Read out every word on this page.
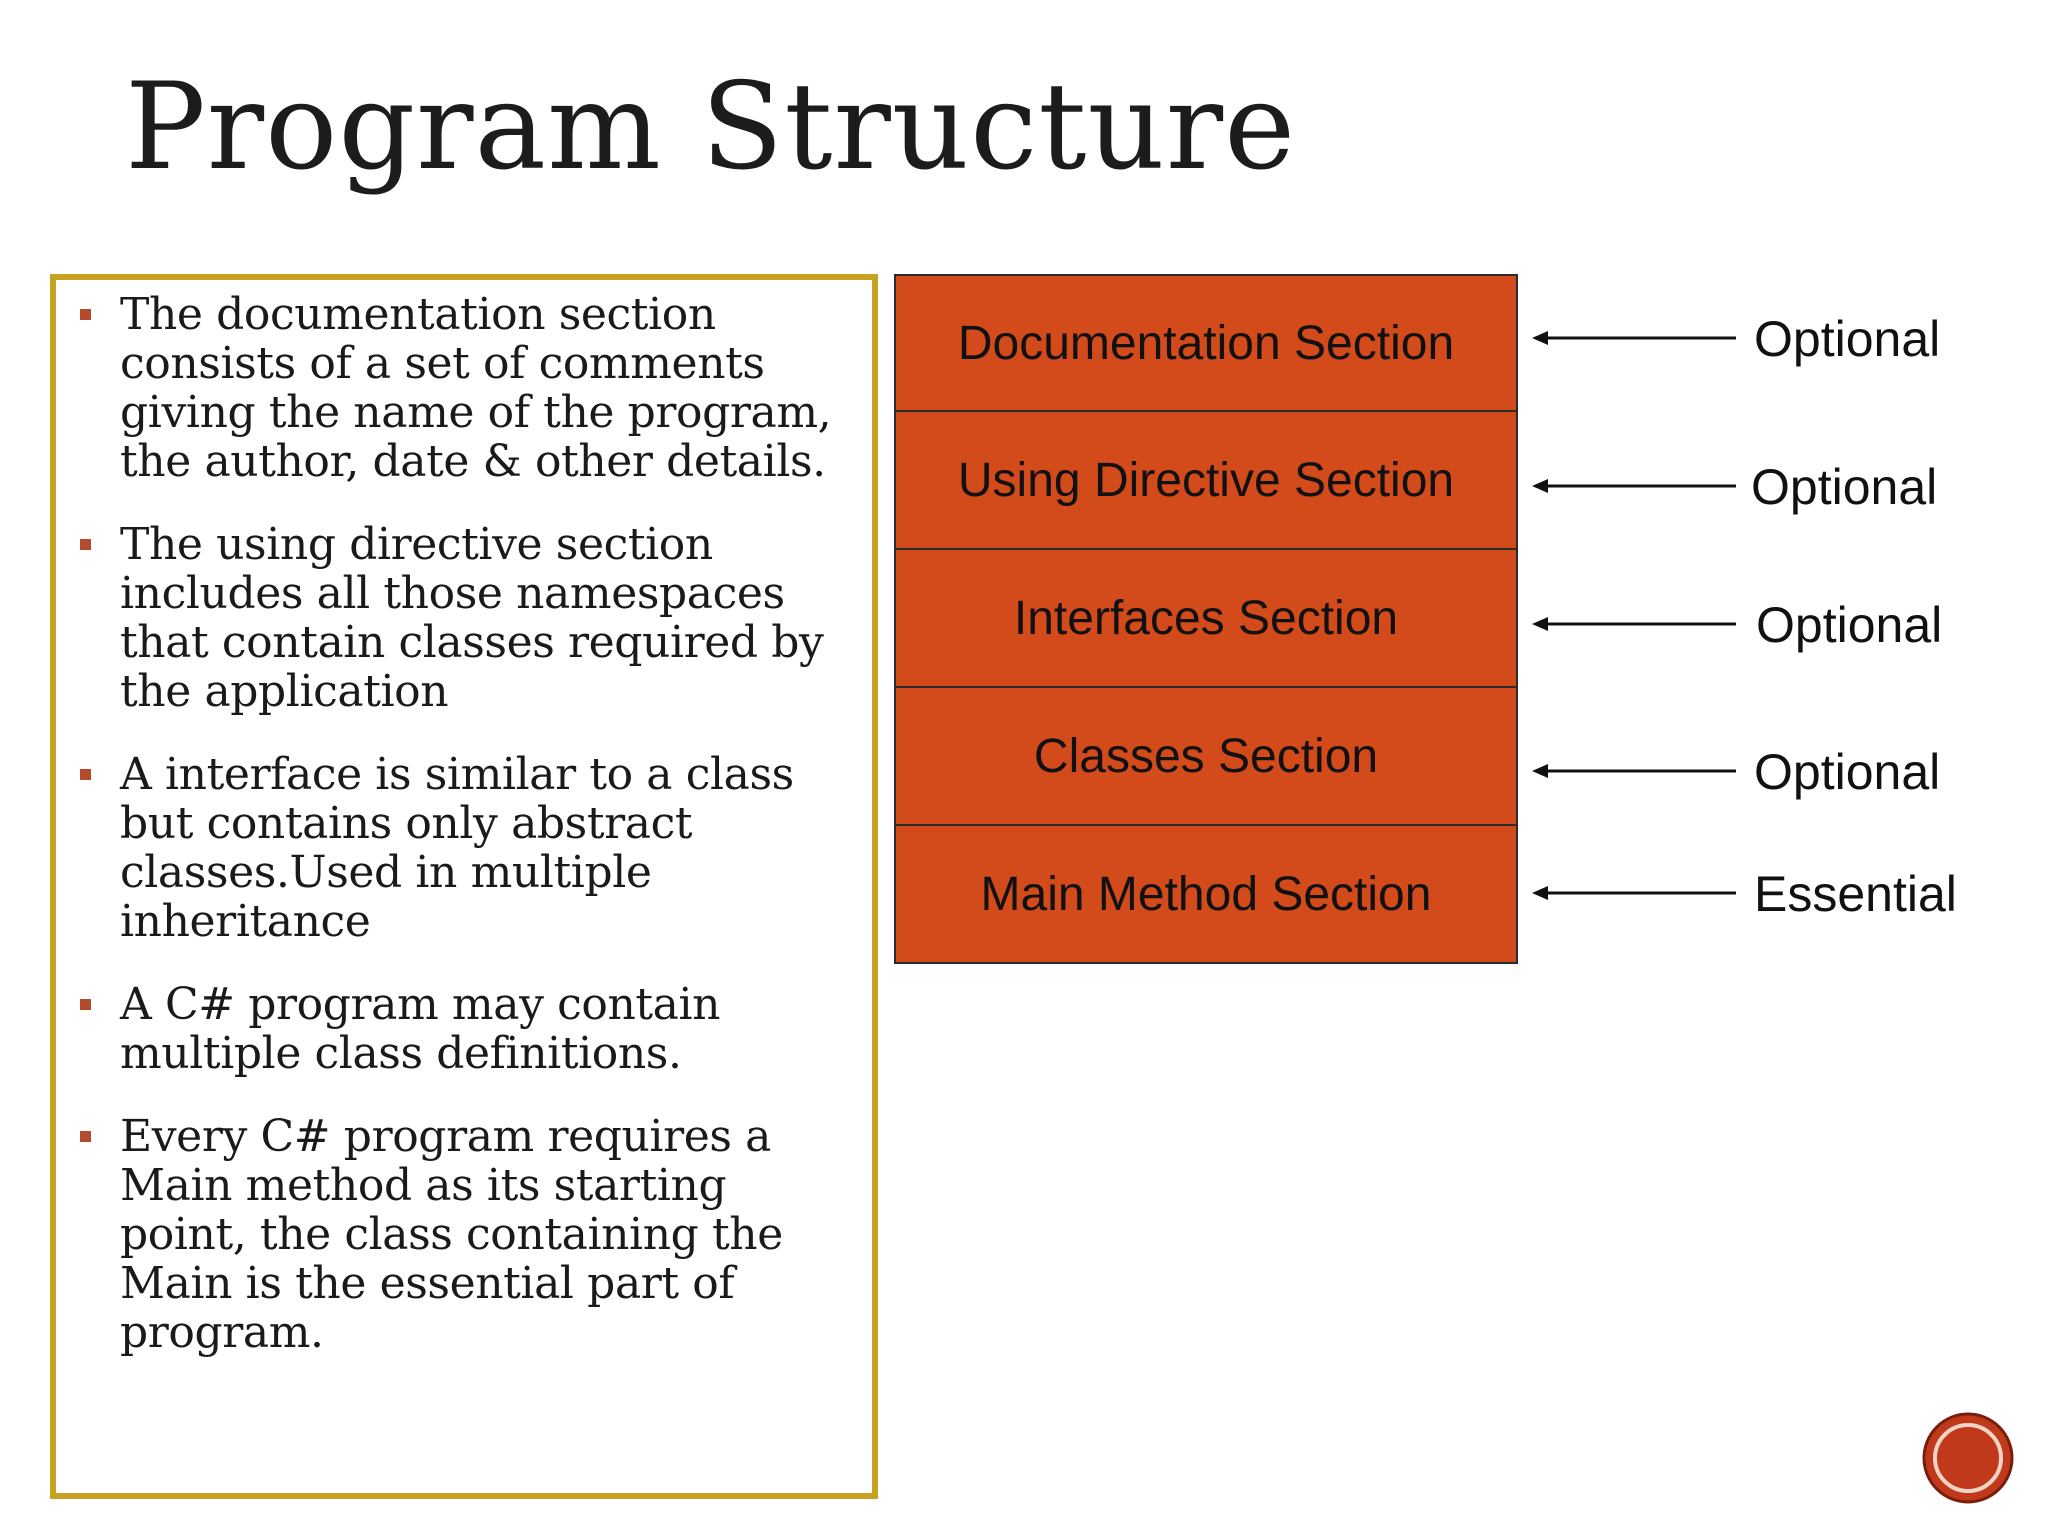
Program Structure
The documentation section consists of a set of comments giving the name of the program, the author, date & other details.
The using directive section includes all those namespaces that contain classes required by the application
A interface is similar to a class but contains only abstract classes.Used in multiple inheritance
A C# program may contain multiple class definitions.
Every C# program requires a Main method as its starting point, the class containing the Main is the essential part of program.
Documentation Section
Using Directive Section
Interfaces Section
Classes Section
Main Method Section
Optional
Optional
Optional
Optional
Essential
